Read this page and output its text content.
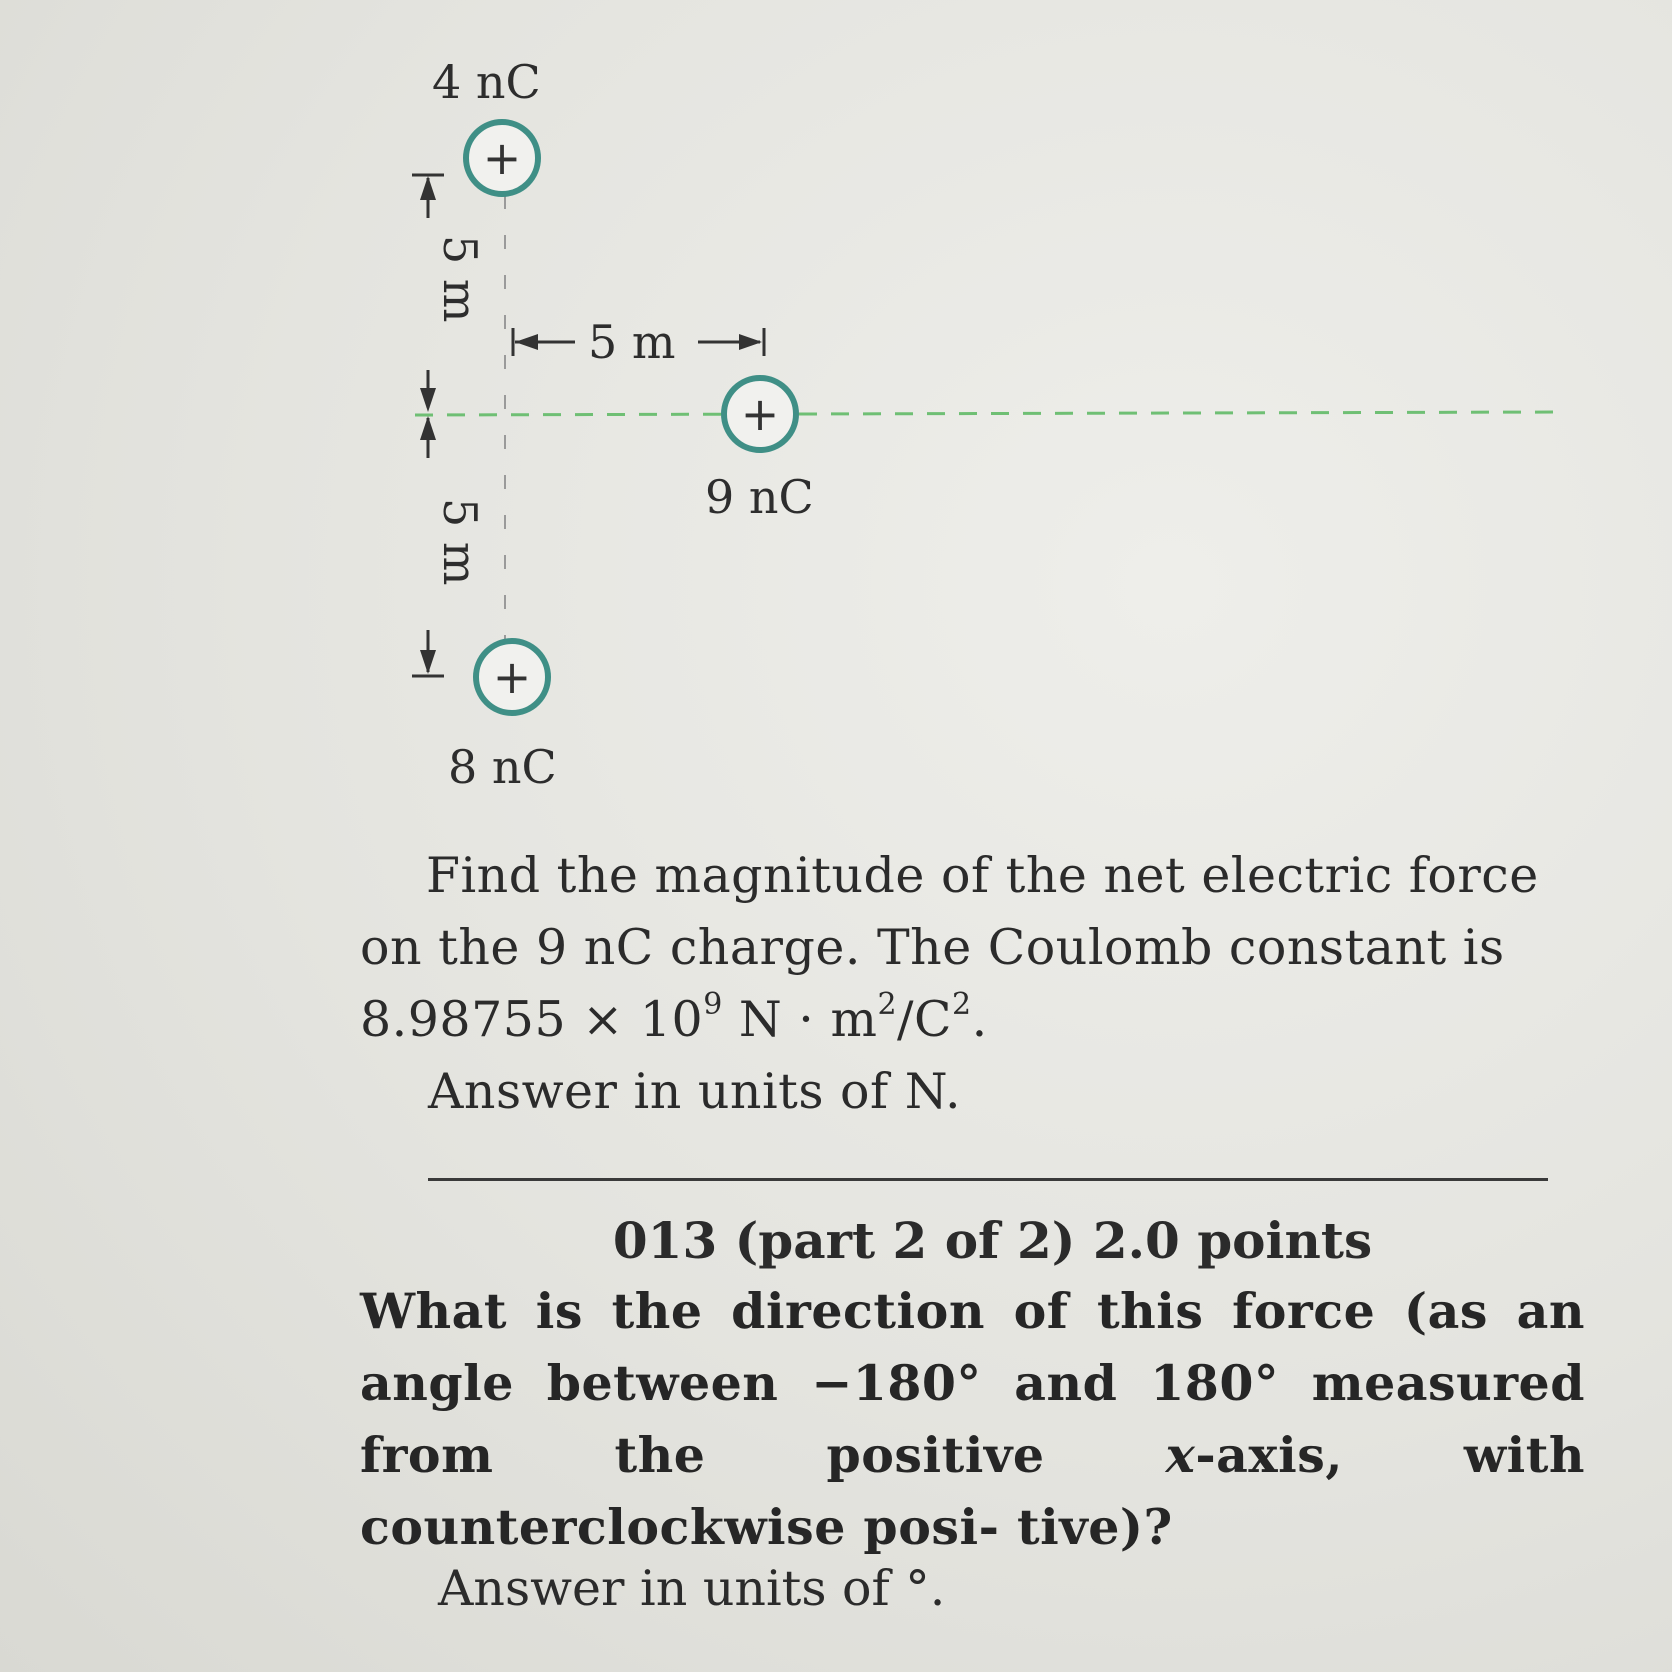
5 m
5 m
5 m
4 nC
+
+
9 nC
+
8 nC
Find the magnitude of the net electric force
on the 9 nC charge. The Coulomb constant is
$8.98755 \times 10^9$ $N \cdot m^2/C^2$.
Answer in units of N.
013 (part 2 of 2) 2.0 points
What is the direction of this force (as an angle between −180° and 180° measured from the positive x-axis, with counterclockwise posi- tive)?
Answer in units of °.
